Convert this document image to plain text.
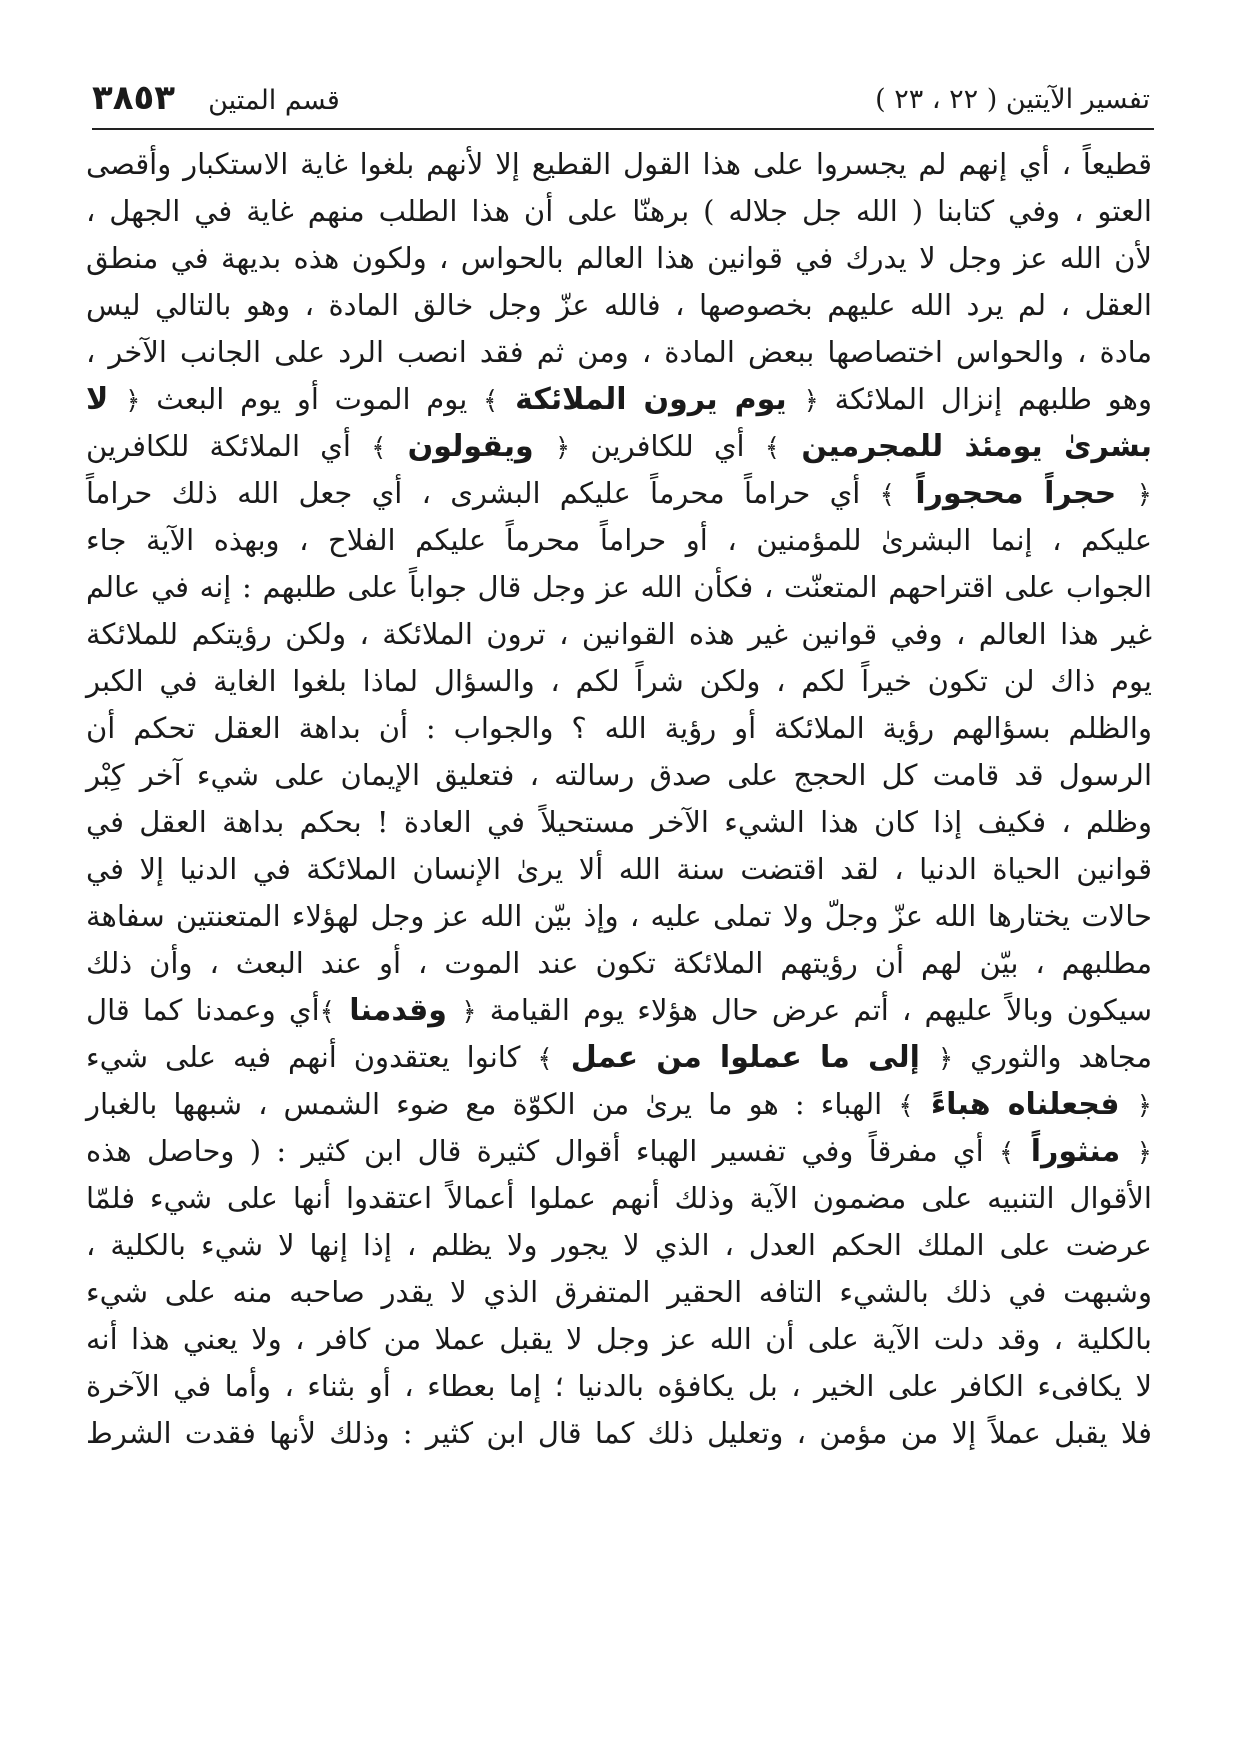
تفسير الآيتين ( ٢٢ ، ٢٣ )
قسم المتين ٣٨٥٣
قطيعاً ، أي إنهم لم يجسروا على هذا القول القطيع إلا لأنهم بلغوا غاية الاستكبار وأقصى
العتو ، وفي كتابنا ( الله جل جلاله ) برهنّا على أن هذا الطلب منهم غاية في الجهل ،
لأن الله عز وجل لا يدرك في قوانين هذا العالم بالحواس ، ولكون هذه بديهة في منطق
العقل ، لم يرد الله عليهم بخصوصها ، فالله عزّ وجل خالق المادة ، وهو بالتالي ليس
مادة ، والحواس اختصاصها ببعض المادة ، ومن ثم فقد انصب الرد على الجانب الآخر ،
وهو طلبهم إنزال الملائكة ﴿ يوم يرون الملائكة ﴾ يوم الموت أو يوم البعث ﴿ لا
بشرىٰ يومئذ للمجرمين ﴾ أي للكافرين ﴿ ويقولون ﴾ أي الملائكة للكافرين
﴿ حجراً محجوراً ﴾ أي حراماً محرماً عليكم البشرى ، أي جعل الله ذلك حراماً
عليكم ، إنما البشرىٰ للمؤمنين ، أو حراماً محرماً عليكم الفلاح ، وبهذه الآية جاء
الجواب على اقتراحهم المتعنّت ، فكأن الله عز وجل قال جواباً على طلبهم : إنه في عالم
غير هذا العالم ، وفي قوانين غير هذه القوانين ، ترون الملائكة ، ولكن رؤيتكم للملائكة
يوم ذاك لن تكون خيراً لكم ، ولكن شراً لكم ، والسؤال لماذا بلغوا الغاية في الكبر
والظلم بسؤالهم رؤية الملائكة أو رؤية الله ؟ والجواب : أن بداهة العقل تحكم أن
الرسول قد قامت كل الحجج على صدق رسالته ، فتعليق الإيمان على شيء آخر كِبْر
وظلم ، فكيف إذا كان هذا الشيء الآخر مستحيلاً في العادة ! بحكم بداهة العقل في
قوانين الحياة الدنيا ، لقد اقتضت سنة الله ألا يرىٰ الإنسان الملائكة في الدنيا إلا في
حالات يختارها الله عزّ وجلّ ولا تملى عليه ، وإذ بيّن الله عز وجل لهؤلاء المتعنتين سفاهة
مطلبهم ، بيّن لهم أن رؤيتهم الملائكة تكون عند الموت ، أو عند البعث ، وأن ذلك
سيكون وبالاً عليهم ، أتم عرض حال هؤلاء يوم القيامة ﴿ وقدمنا ﴾أي وعمدنا كما قال
مجاهد والثوري ﴿ إلى ما عملوا من عمل ﴾ كانوا يعتقدون أنهم فيه على شيء
﴿ فجعلناه هباءً ﴾ الهباء : هو ما يرىٰ من الكوّة مع ضوء الشمس ، شبهها بالغبار
﴿ منثوراً ﴾ أي مفرقاً وفي تفسير الهباء أقوال كثيرة قال ابن كثير : ( وحاصل هذه
الأقوال التنبيه على مضمون الآية وذلك أنهم عملوا أعمالاً اعتقدوا أنها على شيء فلمّا
عرضت على الملك الحكم العدل ، الذي لا يجور ولا يظلم ، إذا إنها لا شيء بالكلية ،
وشبهت في ذلك بالشيء التافه الحقير المتفرق الذي لا يقدر صاحبه منه على شيء
بالكلية ، وقد دلت الآية على أن الله عز وجل لا يقبل عملا من كافر ، ولا يعني هذا أنه
لا يكافىء الكافر على الخير ، بل يكافؤه بالدنيا ؛ إما بعطاء ، أو بثناء ، وأما في الآخرة
فلا يقبل عملاً إلا من مؤمن ، وتعليل ذلك كما قال ابن كثير : وذلك لأنها فقدت الشرط
